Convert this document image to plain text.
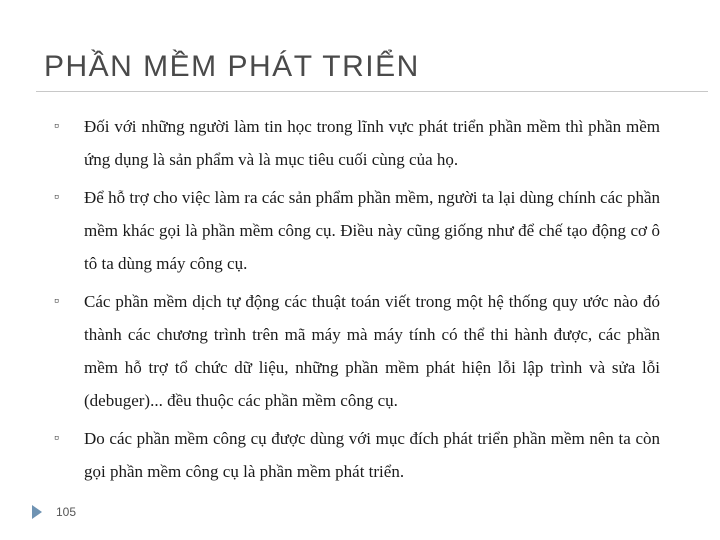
PHẦN MỀM PHÁT TRIỂN
▫ Đối với những người làm tin học trong lĩnh vực phát triển phần mềm thì phần mềm ứng dụng là sản phẩm và là mục tiêu cuối cùng của họ.
▫ Để hỗ trợ cho việc làm ra các sản phẩm phần mềm, người ta lại dùng chính các phần mềm khác gọi là phần mềm công cụ. Điều này cũng giống như để chế tạo động cơ ô tô ta dùng máy công cụ.
▫ Các phần mềm dịch tự động các thuật toán viết trong một hệ thống quy ước nào đó thành các chương trình trên mã máy mà máy tính có thể thi hành được, các phần mềm hỗ trợ tổ chức dữ liệu, những phần mềm phát hiện lỗi lập trình và sửa lỗi (debuger)... đều thuộc các phần mềm công cụ.
▫ Do các phần mềm công cụ được dùng với mục đích phát triển phần mềm nên ta còn gọi phần mềm công cụ là phần mềm phát triển.
105
